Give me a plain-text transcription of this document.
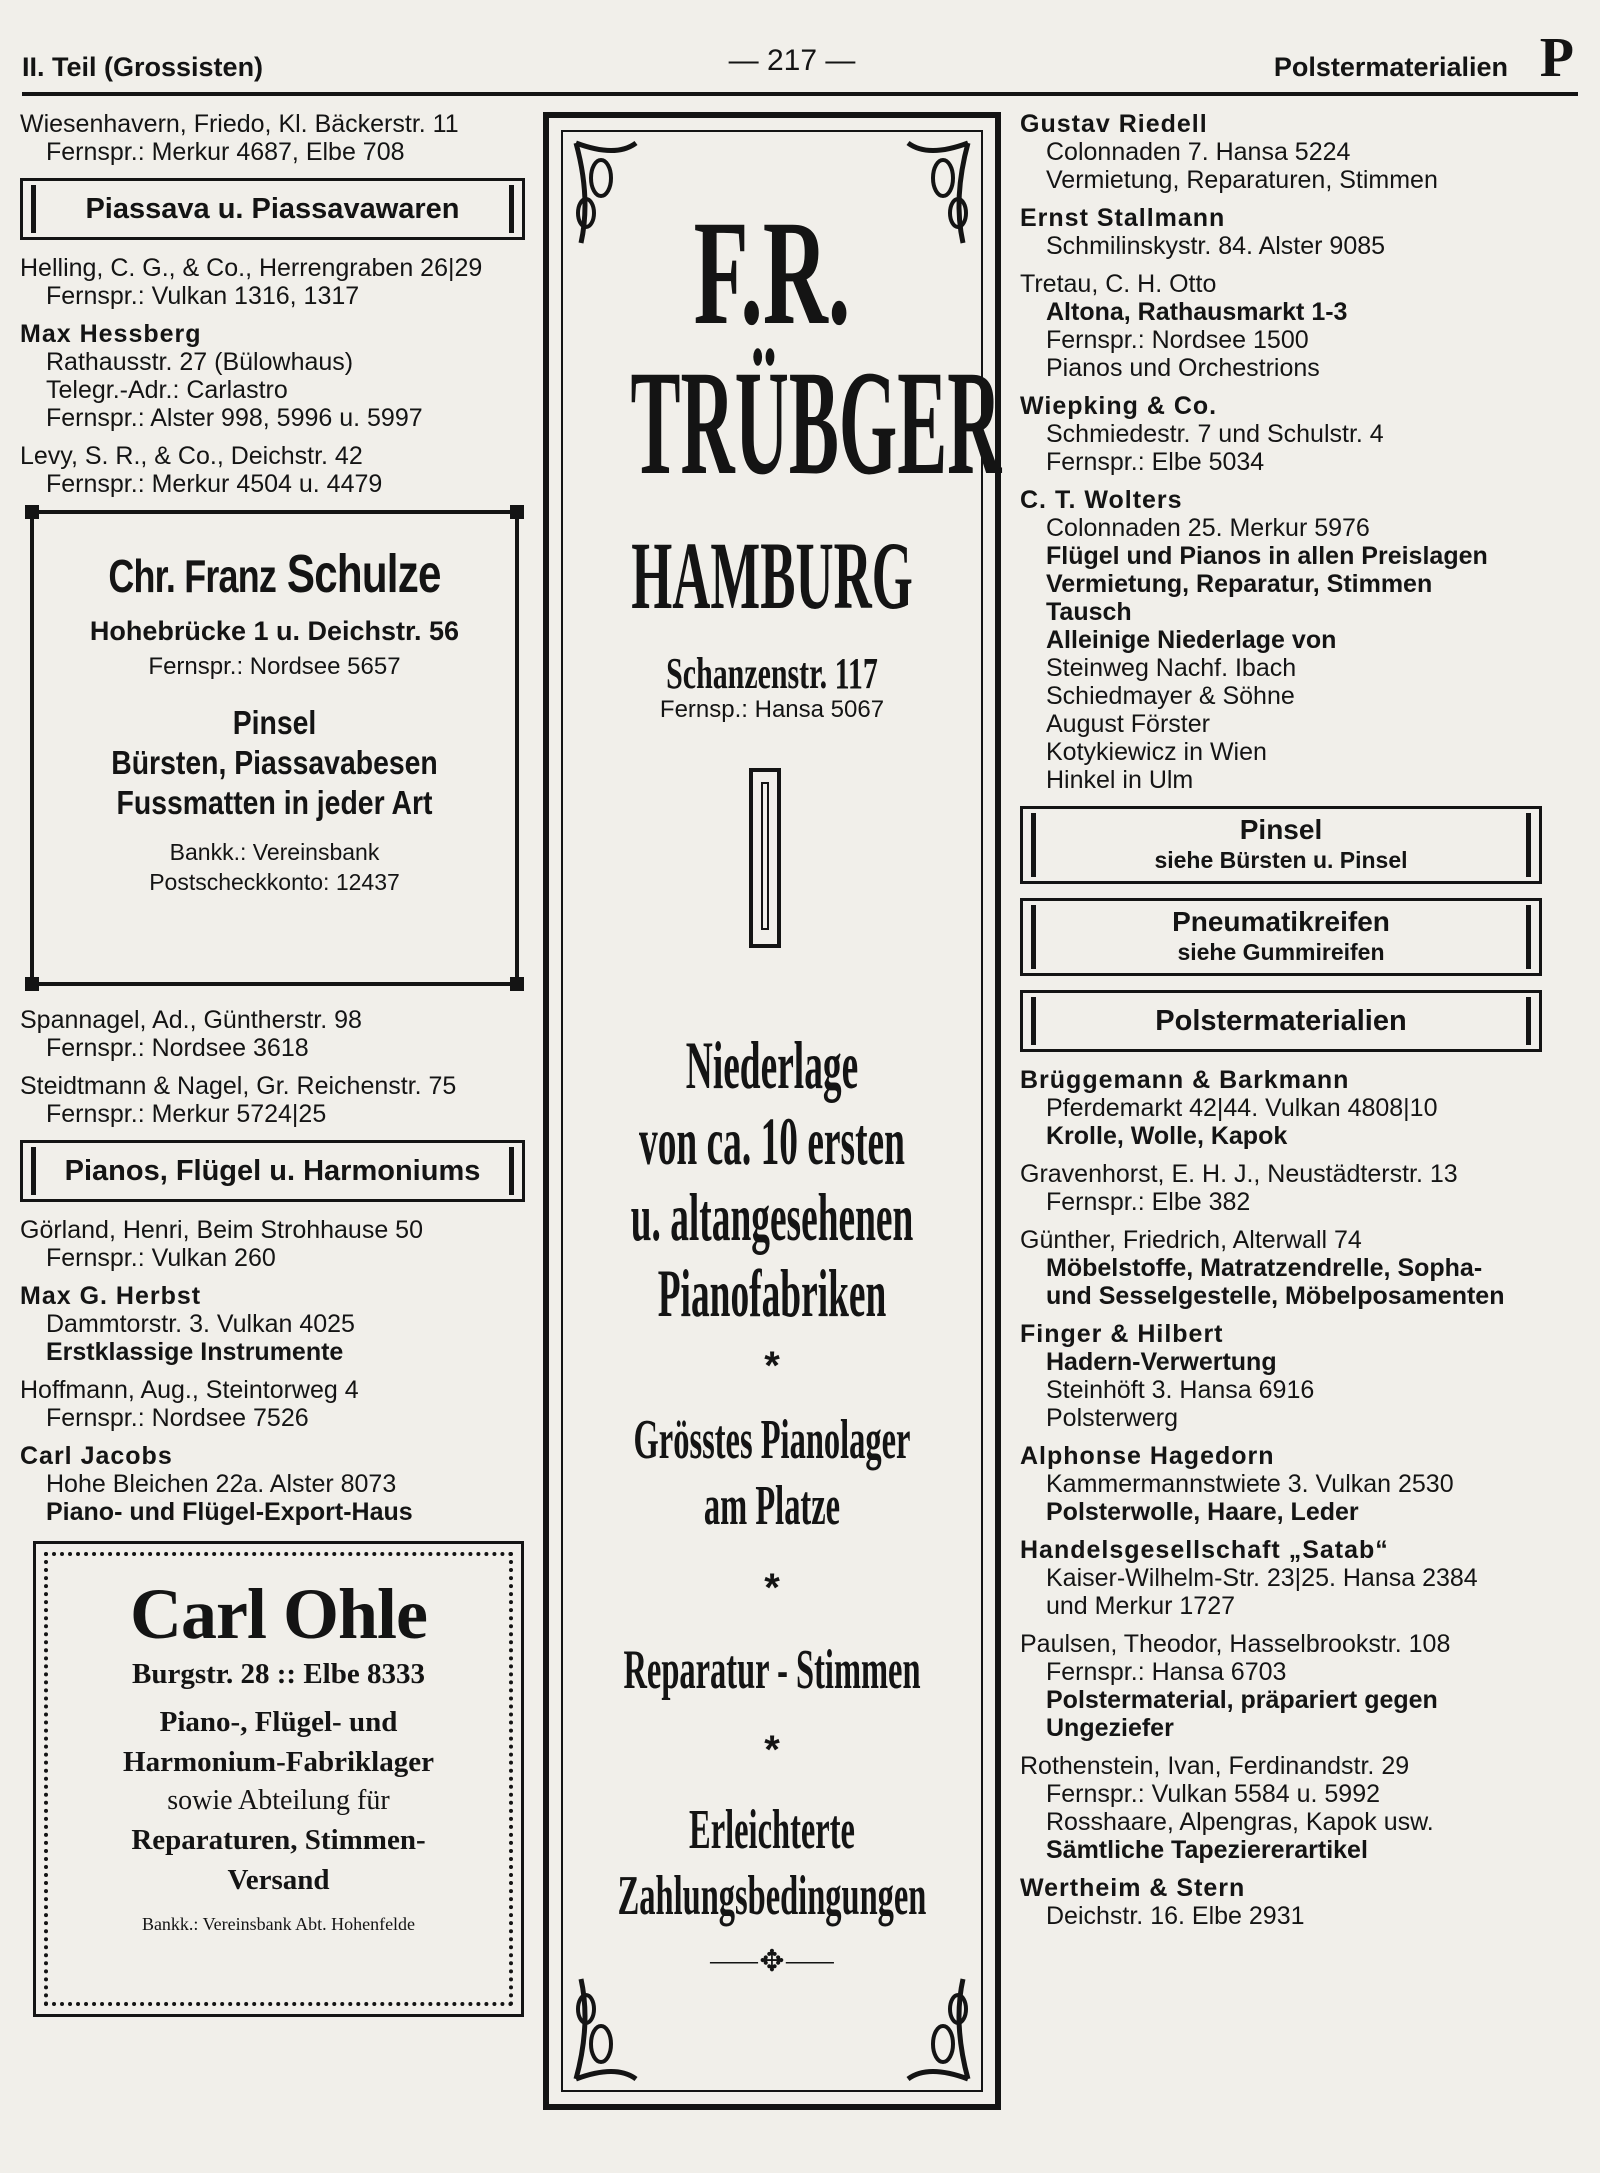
II. Teil (Grossisten)	— 217 —	Polstermaterialien P
Wiesenhavern, Friedo, Kl. Bäckerstr. 11
Fernspr.: Merkur 4687, Elbe 708
Piassava u. Piassavawaren
Helling, C. G., & Co., Herrengraben 26|29
Fernspr.: Vulkan 1316, 1317
Max Hessberg
Rathausstr. 27 (Bülowhaus)
Telegr.-Adr.: Carlastro
Fernspr.: Alster 998, 5996 u. 5997
Levy, S. R., & Co., Deichstr. 42
Fernspr.: Merkur 4504 u. 4479
Chr. Franz Schulze
Hohebrücke 1 u. Deichstr. 56
Fernspr.: Nordsee 5657
Pinsel
Bürsten, Piassavabesen
Fussmatten in jeder Art
Bankk.: Vereinsbank
Postscheckkonto: 12437
Spannagel, Ad., Güntherstr. 98
Fernspr.: Nordsee 3618
Steidtmann & Nagel, Gr. Reichenstr. 75
Fernspr.: Merkur 5724|25
Pianos, Flügel u. Harmoniums
Görland, Henri, Beim Strohhause 50
Fernspr.: Vulkan 260
Max G. Herbst
Dammtorstr. 3. Vulkan 4025
Erstklassige Instrumente
Hoffmann, Aug., Steintorweg 4
Fernspr.: Nordsee 7526
Carl Jacobs
Hohe Bleichen 22a. Alster 8073
Piano- und Flügel-Export-Haus
Carl Ohle
Burgstr. 28 :: Elbe 8333
Piano-, Flügel- und
Harmonium-Fabriklager
sowie Abteilung für
Reparaturen, Stimmen-
Versand
Bankk.: Vereinsbank Abt. Hohenfelde
F.R.
TRÜBGER
HAMBURG
Schanzenstr. 117
Fernsp.: Hansa 5067
Niederlage
von ca. 10 ersten
u. altangesehenen
Pianofabriken
*
Grösstes Pianolager
am Platze
*
Reparatur - Stimmen
*
Erleichterte
Zahlungsbedingungen
⸺✥⸺
Gustav Riedell
Colonnaden 7. Hansa 5224
Vermietung, Reparaturen, Stimmen
Ernst Stallmann
Schmilinskystr. 84. Alster 9085
Tretau, C. H. Otto
Altona, Rathausmarkt 1-3
Fernspr.: Nordsee 1500
Pianos und Orchestrions
Wiepking & Co.
Schmiedestr. 7 und Schulstr. 4
Fernspr.: Elbe 5034
C. T. Wolters
Colonnaden 25. Merkur 5976
Flügel und Pianos in allen Preislagen
Vermietung, Reparatur, Stimmen
Tausch
Alleinige Niederlage von
Steinweg Nachf. Ibach
Schiedmayer & Söhne
August Förster
Kotykiewicz in Wien
Hinkel in Ulm
Pinsel
siehe Bürsten u. Pinsel
Pneumatikreifen
siehe Gummireifen
Polstermaterialien
Brüggemann & Barkmann
Pferdemarkt 42|44. Vulkan 4808|10
Krolle, Wolle, Kapok
Gravenhorst, E. H. J., Neustädterstr. 13
Fernspr.: Elbe 382
Günther, Friedrich, Alterwall 74
Möbelstoffe, Matratzendrelle, Sopha-
und Sesselgestelle, Möbelposamenten
Finger & Hilbert
Hadern-Verwertung
Steinhöft 3. Hansa 6916
Polsterwerg
Alphonse Hagedorn
Kammermannstwiete 3. Vulkan 2530
Polsterwolle, Haare, Leder
Handelsgesellschaft „Satab“
Kaiser-Wilhelm-Str. 23|25. Hansa 2384
und Merkur 1727
Paulsen, Theodor, Hasselbrookstr. 108
Fernspr.: Hansa 6703
Polstermaterial, präpariert gegen
Ungeziefer
Rothenstein, Ivan, Ferdinandstr. 29
Fernspr.: Vulkan 5584 u. 5992
Rosshaare, Alpengras, Kapok usw.
Sämtliche Tapeziererartikel
Wertheim & Stern
Deichstr. 16. Elbe 2931
